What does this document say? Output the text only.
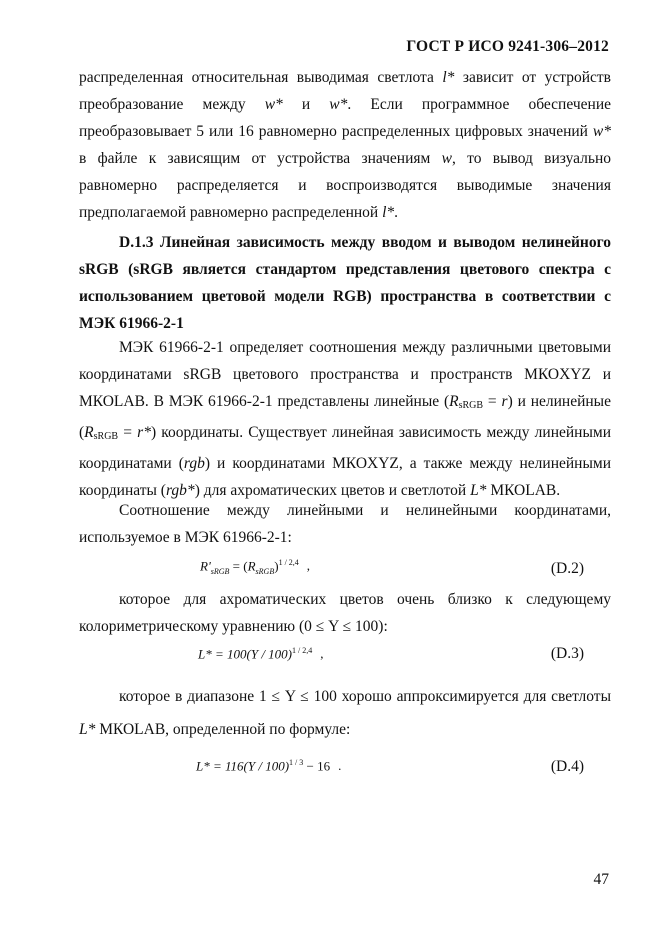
ГОСТ Р ИСО 9241-306–2012

распределенная относительная выводимая светлота l* зависит от устройств

преобразование между w* и w*. Если программное обеспечение

преобразовывает 5 или 16 равномерно распределенных цифровых значений w*

в файле к зависящим от устройства значениям w, то вывод визуально

равномерно распределяется и воспроизводятся выводимые значения

предполагаемой равномерно распределенной l*.

D.1.3 Линейная зависимость между вводом и выводом нелинейного sRGB (sRGB является стандартом представления цветового спектра с использованием цветовой модели RGB) пространства в соответствии с МЭК 61966-2-1

МЭК 61966-2-1 определяет соотношения между различными цветовыми координатами sRGB цветового пространства и пространств МКОXYZ и МКОLAB. В МЭК 61966-2-1 представлены линейные (RsRGB = r) и нелинейные (RsRGB = r*) координаты. Существует линейная зависимость между линейными координатами (rgb) и координатами МКОXYZ, а также между нелинейными координаты (rgb*) для ахроматических цветов и светлотой L* МКОLAB.

Соотношение между линейными и нелинейными координатами,

используемое в МЭК 61966-2-1:

$R'_{sRGB} = (R_{sRGB})^{1 / 2,4}$ ,	(D.2)

которое для ахроматических цветов очень близко к следующему

колориметрическому уравнению (0 ≤ Y ≤ 100):

L* = 100(Y / 100)$^{1 / 2,4}$ ,	(D.3)

которое в диапазоне 1 ≤ Y ≤ 100 хорошо аппроксимируется для светлоты

L* МКОLAB, определенной по формуле:

L* = 116(Y / 100)$^{1 / 3}$ − 16 .	(D.4)
47
